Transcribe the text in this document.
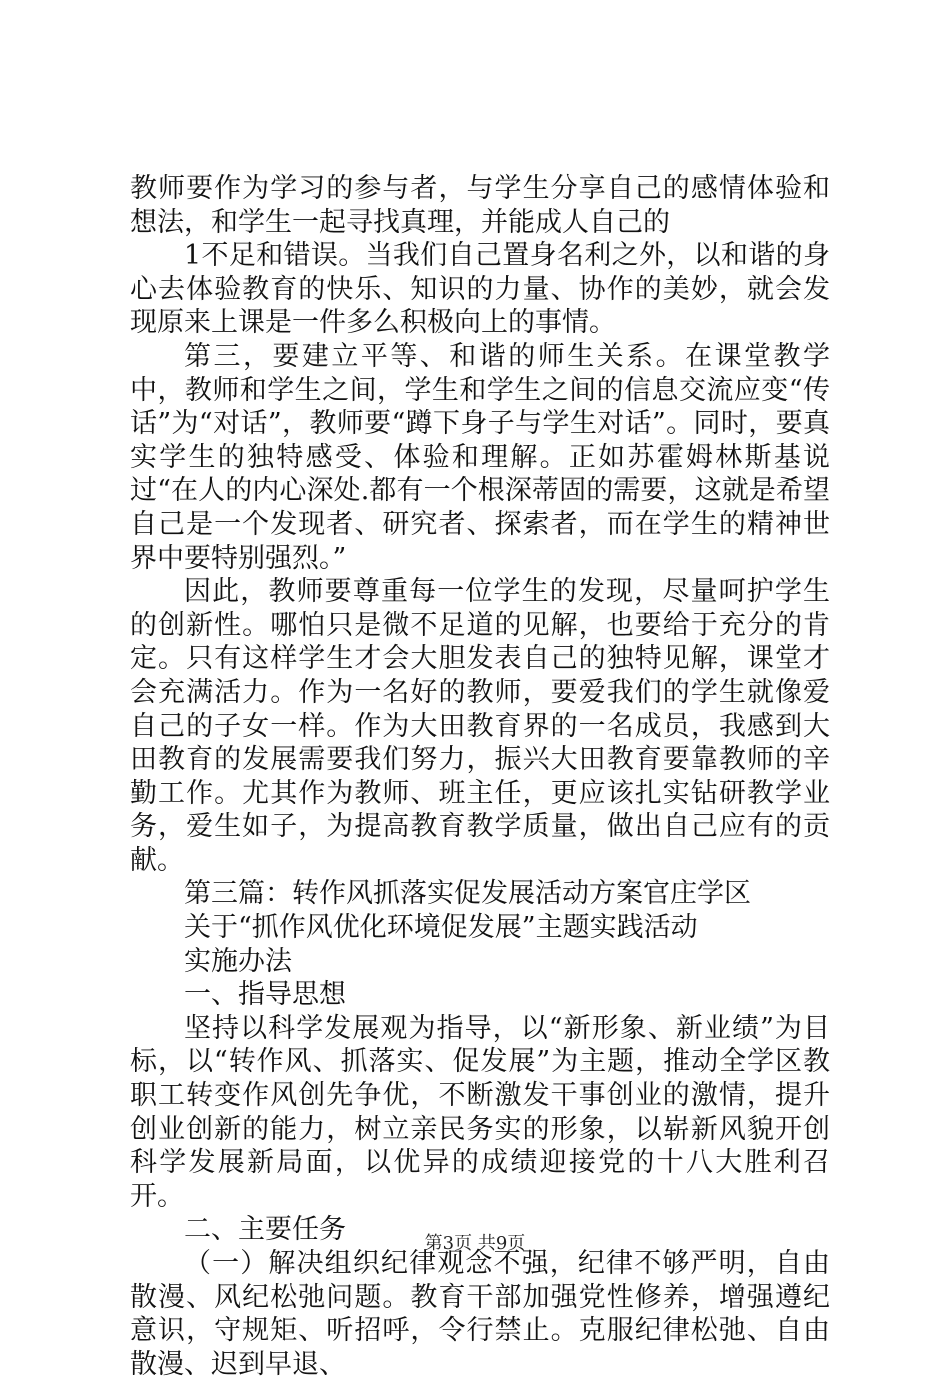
教师要作为学习的参与者，与学生分享自己的感情体验和想法，和学生一起寻找真理，并能成人自己的

1不足和错误。当我们自己置身名利之外，以和谐的身心去体验教育的快乐、知识的力量、协作的美妙，就会发现原来上课是一件多么积极向上的事情。

第三，要建立平等、和谐的师生关系。在课堂教学中，教师和学生之间，学生和学生之间的信息交流应变“传话”为“对话”，教师要“蹲下身子与学生对话”。同时，要真实学生的独特感受、体验和理解。正如苏霍姆林斯基说过“在人的内心深处.都有一个根深蒂固的需要，这就是希望自己是一个发现者、研究者、探索者，而在学生的精神世界中要特别强烈。”

因此，教师要尊重每一位学生的发现，尽量呵护学生的创新性。哪怕只是微不足道的见解，也要给于充分的肯定。只有这样学生才会大胆发表自己的独特见解，课堂才会充满活力。作为一名好的教师，要爱我们的学生就像爱自己的子女一样。作为大田教育界的一名成员，我感到大田教育的发展需要我们努力，振兴大田教育要靠教师的辛勤工作。尤其作为教师、班主任，更应该扎实钻研教学业务，爱生如子，为提高教育教学质量，做出自己应有的贡献。

第三篇：转作风抓落实促发展活动方案官庄学区

关于“抓作风优化环境促发展”主题实践活动

实施办法

一、指导思想

坚持以科学发展观为指导，以“新形象、新业绩”为目标，以“转作风、抓落实、促发展”为主题，推动全学区教职工转变作风创先争优，不断激发干事创业的激情，提升创业创新的能力，树立亲民务实的形象，以崭新风貌开创科学发展新局面，以优异的成绩迎接党的十八大胜利召开。

二、主要任务

（一）解决组织纪律观念不强，纪律不够严明，自由散漫、风纪松弛问题。教育干部加强党性修养，增强遵纪意识，守规矩、听招呼，令行禁止。克服纪律松弛、自由散漫、迟到早退、

第3页 共9页
